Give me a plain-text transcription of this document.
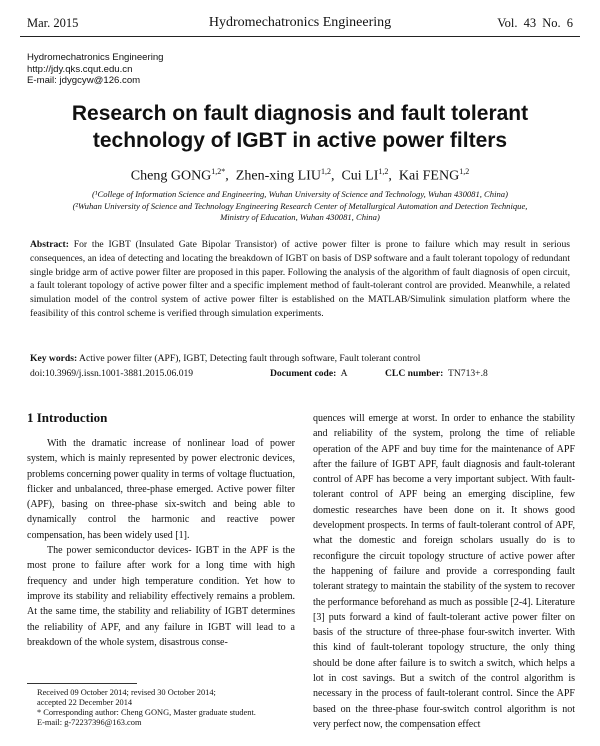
Mar. 2015	Hydromechatronics Engineering	Vol. 43 No. 6
Hydromechatronics Engineering
http://jdy.qks.cqut.edu.cn
E-mail: jdygcyw@126.com
Research on fault diagnosis and fault tolerant
technology of IGBT in active power filters
Cheng $GONG^{1,2*}$,  Zhen-xing LIU$^{1,2}$,  Cui LI$^{1,2}$,  Kai FENG$^{1,2}$
(¹College of Information Science and Engineering, Wuhan University of Science and Technology, Wuhan 430081, China)
(²Wuhan University of Science and Technology Engineering Research Center of Metallurgical Automation and Detection Technique, Ministry of Education, Wuhan 430081, China)
Abstract: For the IGBT (Insulated Gate Bipolar Transistor) of active power filter is prone to failure which may result in serious consequences, an idea of detecting and locating the breakdown of IGBT on basis of DSP software and a fault tolerant topology of redundant single bridge arm of active power filter are proposed in this paper. Following the analysis of the algorithm of fault diagnosis of open circuit, a fault tolerant topology of active power filter and a specific implement method of fault-tolerant control are provided. Meanwhile, a related simulation model of the control system of active power filter is established on the MATLAB/Simulink simulation platform where the feasibility of this control scheme is verified through simulation experiments.
Key words: Active power filter (APF), IGBT, Detecting fault through software, Fault tolerant control
doi:10.3969/j.issn.1001-3881.2015.06.019	Document code: A	CLC number: TN713+.8
1 Introduction

With the dramatic increase of nonlinear load of power system, which is mainly represented by power electronic devices, problems concerning power quality in terms of voltage fluctuation, flicker and unbalanced, three-phase emerged. Active power filter (APF), basing on three-phase six-switch and being able to dynamically control the harmonic and reactive power compensation, has been widely used [1].

The power semiconductor devices- IGBT in the APF is the most prone to failure after work for a long time with high frequency and under high temperature condition. Yet how to improve its stability and reliability effectively remains a problem. At the same time, the stability and reliability of IGBT determines the reliability of APF, and any failure in IGBT will lead to a breakdown of the whole system, disastrous conse-

quences will emerge at worst. In order to enhance the stability and reliability of the system, prolong the time of reliable operation of the APF and buy time for the maintenance of APF after the failure of IGBT APF, fault diagnosis and fault-tolerant control of APF has become a very important subject. With fault-tolerant control of APF being an emerging discipline, few domestic researches have been done on it. It shows good development prospects. In terms of fault-tolerant control of APF, what the domestic and foreign scholars usually do is to reconfigure the circuit topology structure of active power after the happening of failure and provide a corresponding fault tolerant strategy to maintain the stability of the system to recover the performance beforehand as much as possible [2-4]. Literature [3] puts forward a kind of fault-tolerant active power filter on basis of the structure of three-phase four-switch inverter. With this kind of fault-tolerant topology structure, the only thing should be done after failure is to switch a switch, which helps a lot in cost savings. But a switch of the control algorithm is necessary in the process of fault-tolerant control. Since the APF based on the three-phase four-switch control algorithm is not very perfect now, the compensation effect

Received 09 October 2014; revised 30 October 2014;
accepted 22 December 2014
* Corresponding author: Cheng GONG, Master graduate student.
E-mail: g-72237396@163.com
